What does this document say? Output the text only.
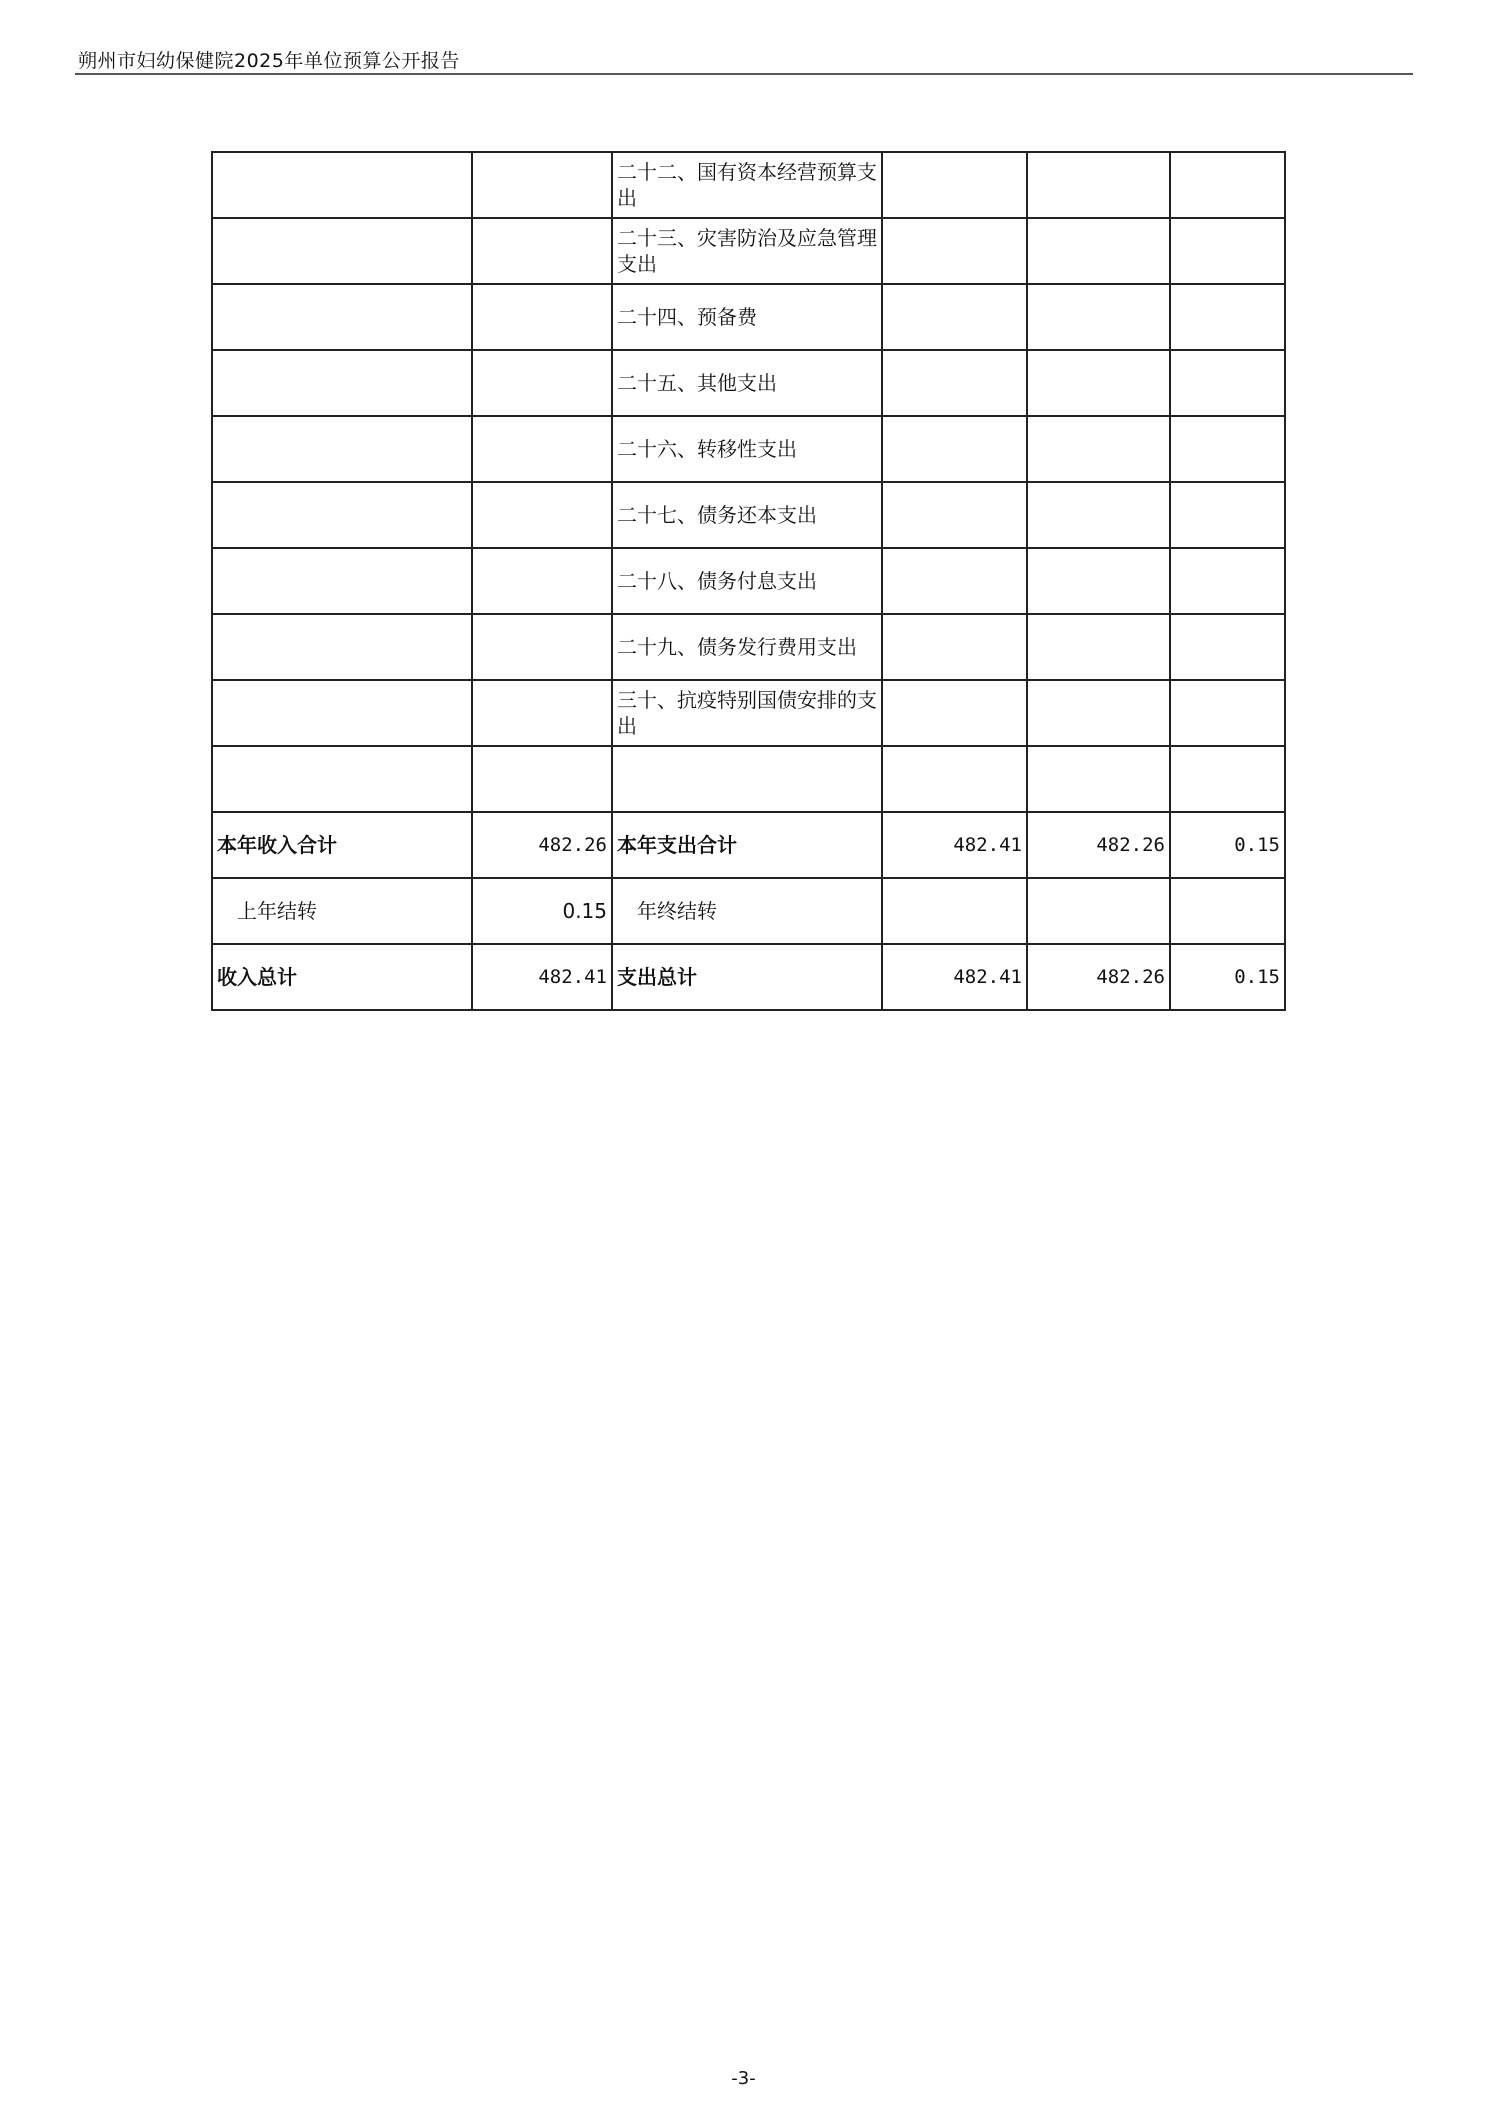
朔州市妇幼保健院2025年单位预算公开报告
		二十二、国有资本经营预算支出			
		二十三、灾害防治及应急管理支出			
		二十四、预备费			
		二十五、其他支出			
		二十六、转移性支出			
		二十七、债务还本支出			
		二十八、债务付息支出			
		二十九、债务发行费用支出			
		三十、抗疫特别国债安排的支出			

本年收入合计	482.26	本年支出合计	482.41	482.26	0.15
上年结转	0.15	年终结转			
收入总计	482.41	支出总计	482.41	482.26	0.15
-3-
